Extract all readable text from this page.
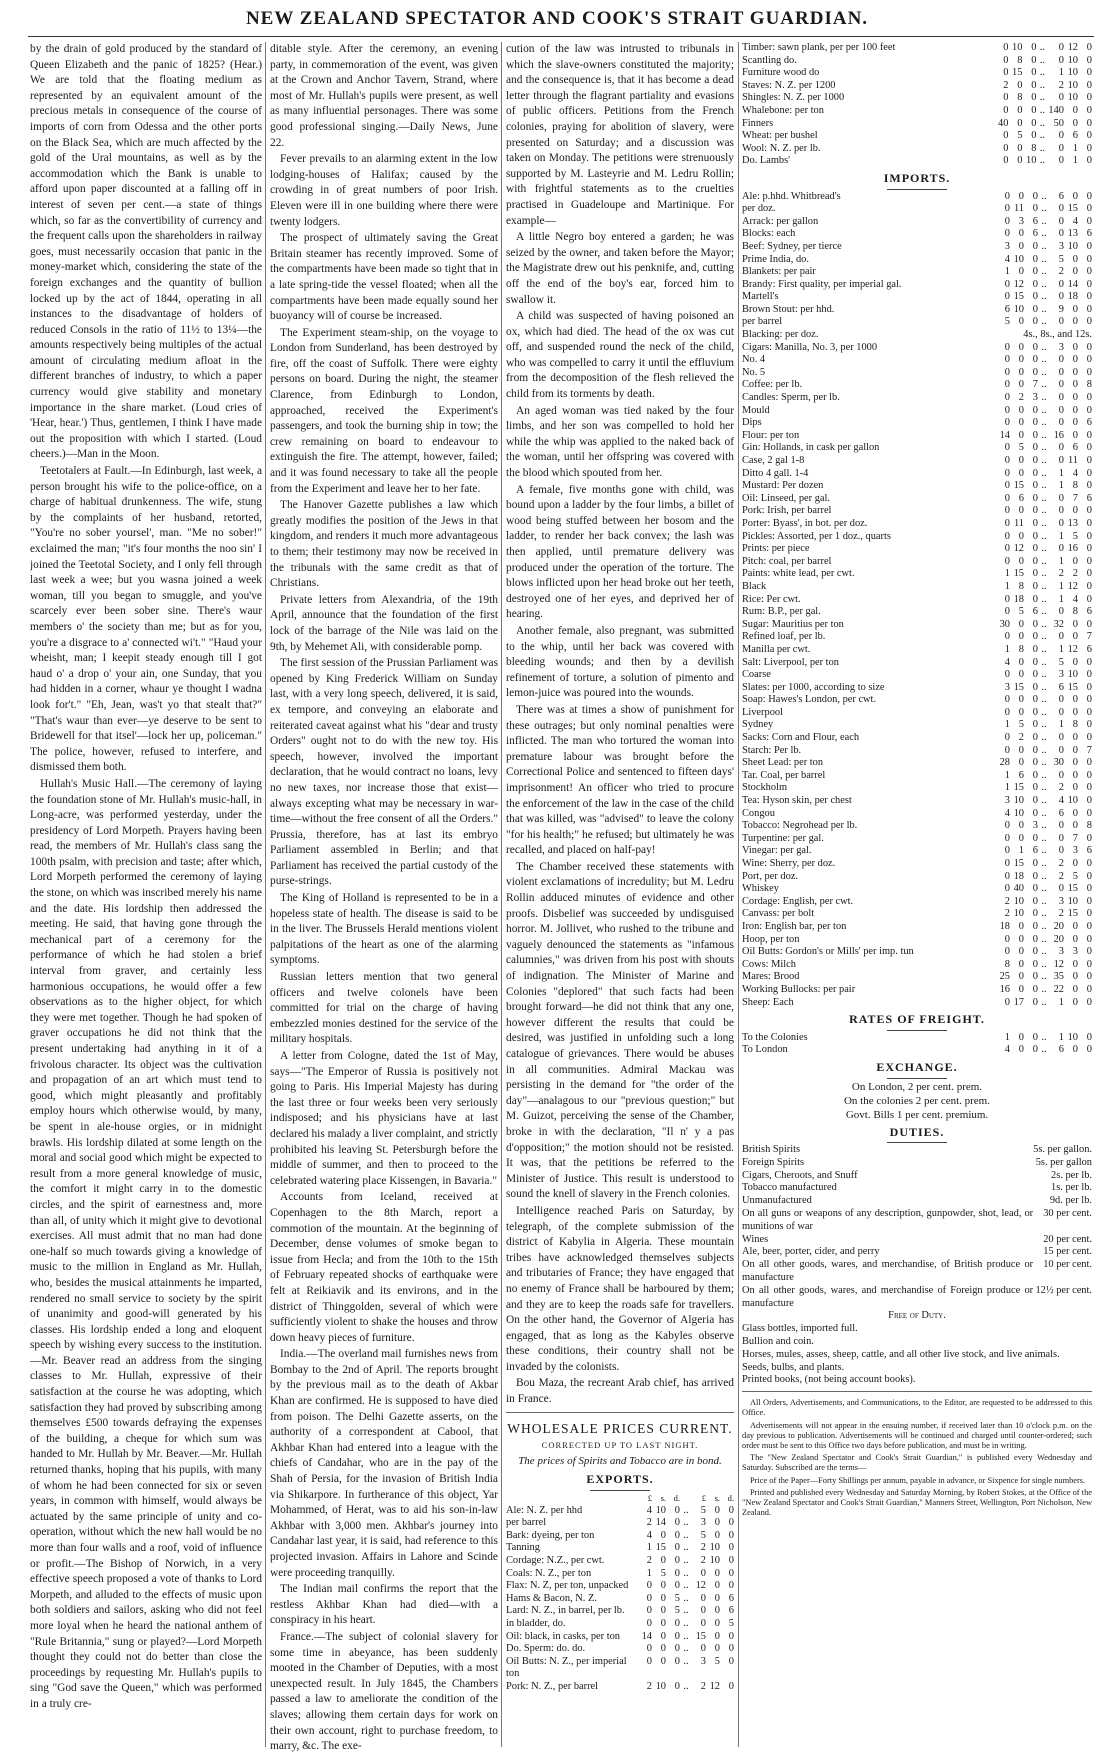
NEW ZEALAND SPECTATOR AND COOK'S STRAIT GUARDIAN.

by the drain of gold produced by the standard of Queen Elizabeth and the panic of 1825? (Hear.) We are told that the floating medium as represented by an equivalent amount of the precious metals in consequence of the course of imports of corn from Odessa and the other ports on the Black Sea, which are much affected by the gold of the Ural mountains, as well as by the accommodation which the Bank is unable to afford upon paper discounted at a falling off in interest of seven per cent.—a state of things which, so far as the convertibility of currency and the frequent calls upon the shareholders in railway goes, must necessarily occasion that panic in the money-market which, considering the state of the foreign exchanges and the quantity of bullion locked up by the act of 1844, operating in all instances to the disadvantage of holders of reduced Consols in the ratio of 11½ to 13¼—the amounts respectively being multiples of the actual amount of circulating medium afloat in the different branches of industry, to which a paper currency would give stability and monetary importance in the share market. (Loud cries of 'Hear, hear.') Thus, gentlemen, I think I have made out the proposition with which I started. (Loud cheers.)—Man in the Moon.

Teetotalers at Fault.—In Edinburgh, last week, a person brought his wife to the police-office, on a charge of habitual drunkenness. The wife, stung by the complaints of her husband, retorted, "You're no sober yoursel', man. "Me no sober!" exclaimed the man; "it's four months the noo sin' I joined the Teetotal Society, and I only fell through last week a wee; but you wasna joined a week woman, till you began to smuggle, and you've scarcely ever been sober sine. There's waur members o' the society than me; but as for you, you're a disgrace to a' connected wi't." "Haud your wheisht, man; I keepit steady enough till I got haud o' a drop o' your ain, one Sunday, that you had hidden in a corner, whaur ye thought I wadna look for't." "Eh, Jean, was't yo that stealt that?" "That's waur than ever—ye deserve to be sent to Bridewell for that itsel'—lock her up, policeman." The police, however, refused to interfere, and dismissed them both.

Hullah's Music Hall.—The ceremony of laying the foundation stone of Mr. Hullah's music-hall, in Long-acre, was performed yesterday, under the presidency of Lord Morpeth. Prayers having been read, the members of Mr. Hullah's class sang the 100th psalm, with precision and taste; after which, Lord Morpeth performed the ceremony of laying the stone, on which was inscribed merely his name and the date. His lordship then addressed the meeting. He said, that having gone through the mechanical part of a ceremony for the performance of which he had stolen a brief interval from graver, and certainly less harmonious occupations, he would offer a few observations as to the higher object, for which they were met together. Though he had spoken of graver occupations he did not think that the present undertaking had anything in it of a frivolous character. Its object was the cultivation and propagation of an art which must tend to good, which might pleasantly and profitably employ hours which otherwise would, by many, be spent in ale-house orgies, or in midnight brawls. His lordship dilated at some length on the moral and social good which might be expected to result from a more general knowledge of music, the comfort it might carry in to the domestic circles, and the spirit of earnestness and, more than all, of unity which it might give to devotional exercises. All must admit that no man had done one-half so much towards giving a knowledge of music to the million in England as Mr. Hullah, who, besides the musical attainments he imparted, rendered no small service to society by the spirit of unanimity and good-will generated by his classes. His lordship ended a long and eloquent speech by wishing every success to the institution.—Mr. Beaver read an address from the singing classes to Mr. Hullah, expressive of their satisfaction at the course he was adopting, which satisfaction they had proved by subscribing among themselves £500 towards defraying the expenses of the building, a cheque for which sum was handed to Mr. Hullah by Mr. Beaver.—Mr. Hullah returned thanks, hoping that his pupils, with many of whom he had been connected for six or seven years, in common with himself, would always be actuated by the same principle of unity and co-operation, without which the new hall would be no more than four walls and a roof, void of influence or profit.—The Bishop of Norwich, in a very effective speech proposed a vote of thanks to Lord Morpeth, and alluded to the effects of music upon both soldiers and sailors, asking who did not feel more loyal when he heard the national anthem of "Rule Britannia," sung or played?—Lord Morpeth thought they could not do better than close the proceedings by requesting Mr. Hullah's pupils to sing "God save the Queen," which was performed in a truly cre-

ditable style. After the ceremony, an evening party, in commemoration of the event, was given at the Crown and Anchor Tavern, Strand, where most of Mr. Hullah's pupils were present, as well as many influential personages. There was some good professional singing.—Daily News, June 22.

Fever prevails to an alarming extent in the low lodging-houses of Halifax; caused by the crowding in of great numbers of poor Irish. Eleven were ill in one building where there were twenty lodgers.

The prospect of ultimately saving the Great Britain steamer has recently improved. Some of the compartments have been made so tight that in a late spring-tide the vessel floated; when all the compartments have been made equally sound her buoyancy will of course be increased.

The Experiment steam-ship, on the voyage to London from Sunderland, has been destroyed by fire, off the coast of Suffolk. There were eighty persons on board. During the night, the steamer Clarence, from Edinburgh to London, approached, received the Experiment's passengers, and took the burning ship in tow; the crew remaining on board to endeavour to extinguish the fire. The attempt, however, failed; and it was found necessary to take all the people from the Experiment and leave her to her fate.

The Hanover Gazette publishes a law which greatly modifies the position of the Jews in that kingdom, and renders it much more advantageous to them; their testimony may now be received in the tribunals with the same credit as that of Christians.

Private letters from Alexandria, of the 19th April, announce that the foundation of the first lock of the barrage of the Nile was laid on the 9th, by Mehemet Ali, with considerable pomp.

The first session of the Prussian Parliament was opened by King Frederick William on Sunday last, with a very long speech, delivered, it is said, ex tempore, and conveying an elaborate and reiterated caveat against what his "dear and trusty Orders" ought not to do with the new toy. His speech, however, involved the important declaration, that he would contract no loans, levy no new taxes, nor increase those that exist—always excepting what may be necessary in war-time—without the free consent of all the Orders." Prussia, therefore, has at last its embryo Parliament assembled in Berlin; and that Parliament has received the partial custody of the purse-strings.

The King of Holland is represented to be in a hopeless state of health. The disease is said to be in the liver. The Brussels Herald mentions violent palpitations of the heart as one of the alarming symptoms.

Russian letters mention that two general officers and twelve colonels have been committed for trial on the charge of having embezzled monies destined for the service of the military hospitals.

A letter from Cologne, dated the 1st of May, says—"The Emperor of Russia is positively not going to Paris. His Imperial Majesty has during the last three or four weeks been very seriously indisposed; and his physicians have at last declared his malady a liver complaint, and strictly prohibited his leaving St. Petersburgh before the middle of summer, and then to proceed to the celebrated watering place Kissengen, in Bavaria."

Accounts from Iceland, received at Copenhagen to the 8th March, report a commotion of the mountain. At the beginning of December, dense volumes of smoke began to issue from Hecla; and from the 10th to the 15th of February repeated shocks of earthquake were felt at Reikiavik and its environs, and in the district of Thinggolden, several of which were sufficiently violent to shake the houses and throw down heavy pieces of furniture.

India.—The overland mail furnishes news from Bombay to the 2nd of April. The reports brought by the previous mail as to the death of Akbar Khan are confirmed. He is supposed to have died from poison. The Delhi Gazette asserts, on the authority of a correspondent at Cabool, that Akhbar Khan had entered into a league with the chiefs of Candahar, who are in the pay of the Shah of Persia, for the invasion of British India via Shikarpore. In furtherance of this object, Yar Mohammed, of Herat, was to aid his son-in-law Akhbar with 3,000 men. Akhbar's journey into Candahar last year, it is said, had reference to this projected invasion. Affairs in Lahore and Scinde were proceeding tranquilly.

The Indian mail confirms the report that the restless Akhbar Khan had died—with a conspiracy in his heart.

France.—The subject of colonial slavery for some time in abeyance, has been suddenly mooted in the Chamber of Deputies, with a most unexpected result. In July 1845, the Chambers passed a law to ameliorate the condition of the slaves; allowing them certain days for work on their own account, right to purchase freedom, to marry, &c. The exe-

cution of the law was intrusted to tribunals in which the slave-owners constituted the majority; and the consequence is, that it has become a dead letter through the flagrant partiality and evasions of public officers. Petitions from the French colonies, praying for abolition of slavery, were presented on Saturday; and a discussion was taken on Monday. The petitions were strenuously supported by M. Lasteyrie and M. Ledru Rollin; with frightful statements as to the cruelties practised in Guadeloupe and Martinique. For example—

A little Negro boy entered a garden; he was seized by the owner, and taken before the Mayor; the Magistrate drew out his penknife, and, cutting off the end of the boy's ear, forced him to swallow it.

A child was suspected of having poisoned an ox, which had died. The head of the ox was cut off, and suspended round the neck of the child, who was compelled to carry it until the effluvium from the decomposition of the flesh relieved the child from its torments by death.

An aged woman was tied naked by the four limbs, and her son was compelled to hold her while the whip was applied to the naked back of the woman, until her offspring was covered with the blood which spouted from her.

A female, five months gone with child, was bound upon a ladder by the four limbs, a billet of wood being stuffed between her bosom and the ladder, to render her back convex; the lash was then applied, until premature delivery was produced under the operation of the torture. The blows inflicted upon her head broke out her teeth, destroyed one of her eyes, and deprived her of hearing.

Another female, also pregnant, was submitted to the whip, until her back was covered with bleeding wounds; and then by a devilish refinement of torture, a solution of pimento and lemon-juice was poured into the wounds.

There was at times a show of punishment for these outrages; but only nominal penalties were inflicted. The man who tortured the woman into premature labour was brought before the Correctional Police and sentenced to fifteen days' imprisonment! An officer who tried to procure the enforcement of the law in the case of the child that was killed, was "advised" to leave the colony "for his health;" he refused; but ultimately he was recalled, and placed on half-pay!

The Chamber received these statements with violent exclamations of incredulity; but M. Ledru Rollin adduced minutes of evidence and other proofs. Disbelief was succeeded by undisguised horror. M. Jollivet, who rushed to the tribune and vaguely denounced the statements as "infamous calumnies," was driven from his post with shouts of indignation. The Minister of Marine and Colonies "deplored" that such facts had been brought forward—he did not think that any one, however different the results that could be desired, was justified in unfolding such a long catalogue of grievances. There would be abuses in all communities. Admiral Mackau was persisting in the demand for "the order of the day"—analagous to our "previous question;" but M. Guizot, perceiving the sense of the Chamber, broke in with the declaration, "Il n' y a pas d'opposition;" the motion should not be resisted. It was, that the petitions be referred to the Minister of Justice. This result is understood to sound the knell of slavery in the French colonies.

Intelligence reached Paris on Saturday, by telegraph, of the complete submission of the district of Kabylia in Algeria. These mountain tribes have acknowledged themselves subjects and tributaries of France; they have engaged that no enemy of France shall be harboured by them; and they are to keep the roads safe for travellers. On the other hand, the Governor of Algeria has engaged, that as long as the Kabyles observe these conditions, their country shall not be invaded by the colonists.

Bou Maza, the recreant Arab chief, has arrived in France.

WHOLESALE PRICES CURRENT.
CORRECTED UP TO LAST NIGHT.
The prices of Spirits and Tobacco are in bond.
EXPORTS.
	£	s.	d.		£	s.	d.
Ale: N. Z. per hhd	4	10	0	..	5	0	0
per barrel	2	14	0	..	3	0	0
Bark: dyeing, per ton	4	0	0	..	5	0	0
Tanning	1	15	0	..	2	10	0
Cordage: N.Z., per cwt.	2	0	0	..	2	10	0
Coals: N. Z., per ton	1	5	0	..	0	0	0
Flax: N. Z, per ton, unpacked	0	0	0	..	12	0	0
Hams & Bacon, N. Z.	0	0	5	..	0	0	6
Lard: N. Z., in barrel, per lb.	0	0	5	..	0	0	6
in bladder, do.	0	0	0	..	0	0	5
Oil: black, in casks, per ton	14	0	0	..	15	0	0
Do. Sperm: do. do.	0	0	0	..	0	0	0
Oil Butts: N. Z., per imperial ton	0	0	0	..	3	5	0
Pork: N. Z., per barrel	2	10	0	..	2	12	0
Timber: sawn plank, per per 100 feet	0	10	0	..	0	12	0
Scantling do.	0	8	0	..	0	10	0
Furniture wood do	0	15	0	..	1	10	0
Staves: N. Z. per 1200	2	0	0	..	2	10	0
Shingles: N. Z. per 1000	0	8	0	..	0	10	0
Whalebone: per ton	0	0	0	..	140	0	0
Finners	40	0	0	..	50	0	0
Wheat: per bushel	0	5	0	..	0	6	0
Wool: N. Z. per lb.	0	0	8	..	0	1	0
Do. Lambs'	0	0	10	..	0	1	0
IMPORTS.
Ale: p.hhd. Whitbread's	0	0	0	..	6	0	0
per doz.	0	11	0	..	0	15	0
Arrack: per gallon	0	3	6	..	0	4	0
Blocks: each	0	0	6	..	0	13	6
Beef: Sydney, per tierce	3	0	0	..	3	10	0
Prime India, do.	4	10	0	..	5	0	0
Blankets: per pair	1	0	0	..	2	0	0
Brandy: First quality, per imperial gal.	0	12	0	..	0	14	0
Martell's	0	15	0	..	0	18	0
Brown Stout: per hhd.	6	10	0	..	9	0	0
per barrel	5	0	0	..	0	0	0
Blacking: per doz.	4s., 8s., and 12s.						
Cigars: Manilla, No. 3, per 1000	0	0	0	..	3	0	0
No. 4	0	0	0	..	0	0	0
No. 5	0	0	0	..	0	0	0
Coffee: per lb.	0	0	7	..	0	0	8
Candles: Sperm, per lb.	0	2	3	..	0	0	0
Mould	0	0	0	..	0	0	0
Dips	0	0	0	..	0	0	6
Flour: per ton	14	0	0	..	16	0	0
Gin: Hollands, in cask per gallon	0	5	0	..	0	6	0
Case, 2 gal 1-8	0	0	0	..	0	11	0
Ditto 4 gall. 1-4	0	0	0	..	1	4	0
Mustard: Per dozen	0	15	0	..	1	8	0
Oil: Linseed, per gal.	0	6	0	..	0	7	6
Pork: Irish, per barrel	0	0	0	..	0	0	0
Porter: Byass', in bot. per doz.	0	11	0	..	0	13	0
Pickles: Assorted, per 1 doz., quarts	0	0	0	..	1	5	0
Prints: per piece	0	12	0	..	0	16	0
Pitch: coal, per barrel	0	0	0	..	1	0	0
Paints: white lead, per cwt.	1	15	0	..	2	2	0
Black	1	8	0	..	1	12	0
Rice: Per cwt.	0	18	0	..	1	4	0
Rum: B.P., per gal.	0	5	6	..	0	8	6
Sugar: Mauritius per ton	30	0	0	..	32	0	0
Refined loaf, per lb.	0	0	0	..	0	0	7
Manilla per cwt.	1	8	0	..	1	12	6
Salt: Liverpool, per ton	4	0	0	..	5	0	0
Coarse	0	0	0	..	3	10	0
Slates: per 1000, according to size	3	15	0	..	6	15	0
Soap: Hawes's London, per cwt.	0	0	0	..	0	0	0
Liverpool	0	0	0	..	0	0	0
Sydney	1	5	0	..	1	8	0
Sacks: Corn and Flour, each	0	2	0	..	0	0	0
Starch: Per lb.	0	0	0	..	0	0	7
Sheet Lead: per ton	28	0	0	..	30	0	0
Tar. Coal, per barrel	1	6	0	..	0	0	0
Stockholm	1	15	0	..	2	0	0
Tea: Hyson skin, per chest	3	10	0	..	4	10	0
Congou	4	10	0	..	6	0	0
Tobacco: Negrohead per lb.	0	0	3	..	0	0	8
Turpentine: per gal.	0	0	0	..	0	7	0
Vinegar: per gal.	0	1	6	..	0	3	6
Wine: Sherry, per doz.	0	15	0	..	2	0	0
Port, per doz.	0	18	0	..	2	5	0
Whiskey	0	40	0	..	0	15	0
Cordage: English, per cwt.	2	10	0	..	3	10	0
Canvass: per bolt	2	10	0	..	2	15	0
Iron: English bar, per ton	18	0	0	..	20	0	0
Hoop, per ton	0	0	0	..	20	0	0
Oil Butts: Gordon's or Mills' per imp. tun	0	0	0	..	3	3	0
Cows: Milch	8	0	0	..	12	0	0
Mares: Brood	25	0	0	..	35	0	0
Working Bullocks: per pair	16	0	0	..	22	0	0
Sheep: Each	0	17	0	..	1	0	0
RATES OF FREIGHT.
To the Colonies	1	0	0	..	1	10	0
To London	4	0	0	..	6	0	0
EXCHANGE.
On London, 2 per cent. prem.
On the colonies 2 per cent. prem.
Govt. Bills 1 per cent. premium.
DUTIES.
British Spirits	5s. per gallon.
Foreign Spirits	5s. per gallon
Cigars, Cheroots, and Snuff	2s. per lb.
Tobacco manufactured	1s. per lb.
Unmanufactured	9d. per lb.
On all guns or weapons of any description, gunpowder, shot, lead, or munitions of war	30 per cent.
Wines	20 per cent.
Ale, beer, porter, cider, and perry	15 per cent.
On all other goods, wares, and merchandise, of British produce or manufacture	10 per cent.
On all other goods, wares, and merchandise of Foreign produce or manufacture	12½ per cent.
Free of Duty.	
Glass bottles, imported full.	
Bullion and coin.	
Horses, mules, asses, sheep, cattle, and all other live stock, and live animals.	
Seeds, bulbs, and plants.	
Printed books, (not being account books).	

All Orders, Advertisements, and Communications, to the Editor, are requested to be addressed to this Office.

Advertisements will not appear in the ensuing number, if received later than 10 o'clock p.m. on the day previous to publication. Advertisements will be continued and charged until counter-ordered; such order must be sent to this Office two days before publication, and must be in writing.

The "New Zealand Spectator and Cook's Strait Guardian," is published every Wednesday and Saturday. Subscribed are the terms—

Price of the Paper—Forty Shillings per annum, payable in advance, or Sixpence for single numbers.

Printed and published every Wednesday and Saturday Morning, by Robert Stokes, at the Office of the "New Zealand Spectator and Cook's Strait Guardian," Manners Street, Wellington, Port Nicholson, New Zealand.
